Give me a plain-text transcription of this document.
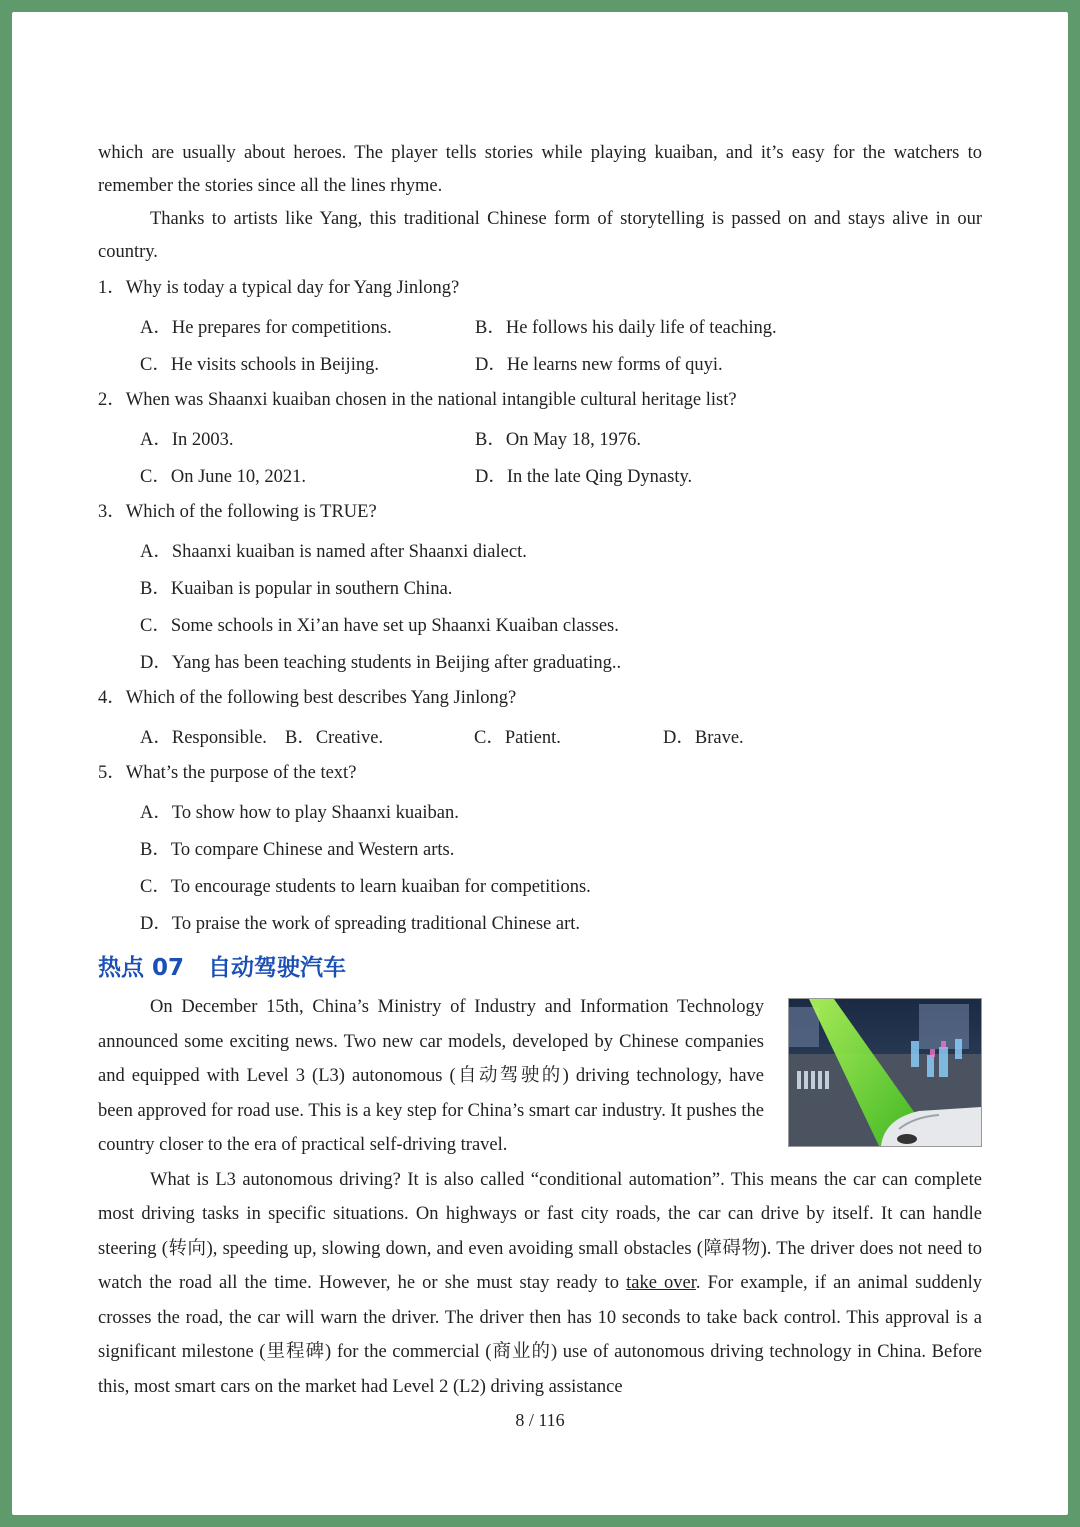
which are usually about heroes. The player tells stories while playing kuaiban, and it’s easy for the watchers to remember the stories since all the lines rhyme.

Thanks to artists like Yang, this traditional Chinese form of storytelling is passed on and stays alive in our country.

1．Why is today a typical day for Yang Jinlong?

A．He prepares for competitions.	B．He follows his daily life of teaching.
C．He visits schools in Beijing.	D．He learns new forms of quyi.

2．When was Shaanxi kuaiban chosen in the national intangible cultural heritage list?

A．In 2003.	B．On May 18, 1976.
C．On June 10, 2021.	D．In the late Qing Dynasty.

3．Which of the following is TRUE?

A．Shaanxi kuaiban is named after Shaanxi dialect.
B．Kuaiban is popular in southern China.
C．Some schools in Xi’an have set up Shaanxi Kuaiban classes.
D．Yang has been teaching students in Beijing after graduating..

4．Which of the following best describes Yang Jinlong?

A．Responsible. B．Creative.	C．Patient.	D．Brave.

5．What’s the purpose of the text?

A．To show how to play Shaanxi kuaiban.
B．To compare Chinese and Western arts.
C．To encourage students to learn kuaiban for competitions.
D．To praise the work of spreading traditional Chinese art.
热点 07 自动驾驶汽车

On December 15th, China’s Ministry of Industry and Information Technology announced some exciting news. Two new car models, developed by Chinese companies and equipped with Level 3 (L3) autonomous (自动驾驶的) driving technology, have been approved for road use. This is a key step for China’s smart car industry. It pushes the country closer to the era of practical self-driving travel.

What is L3 autonomous driving? It is also called “conditional automation”. This means the car can complete most driving tasks in specific situations. On highways or fast city roads, the car can drive by itself. It can handle steering (转向), speeding up, slowing down, and even avoiding small obstacles (障碍物). The driver does not need to watch the road all the time. However, he or she must stay ready to take over. For example, if an animal suddenly crosses the road, the car will warn the driver. The driver then has 10 seconds to take back control. This approval is a significant milestone (里程碑) for the commercial (商业的) use of autonomous driving technology in China. Before this, most smart cars on the market had Level 2 (L2) driving assistance

8 / 116
